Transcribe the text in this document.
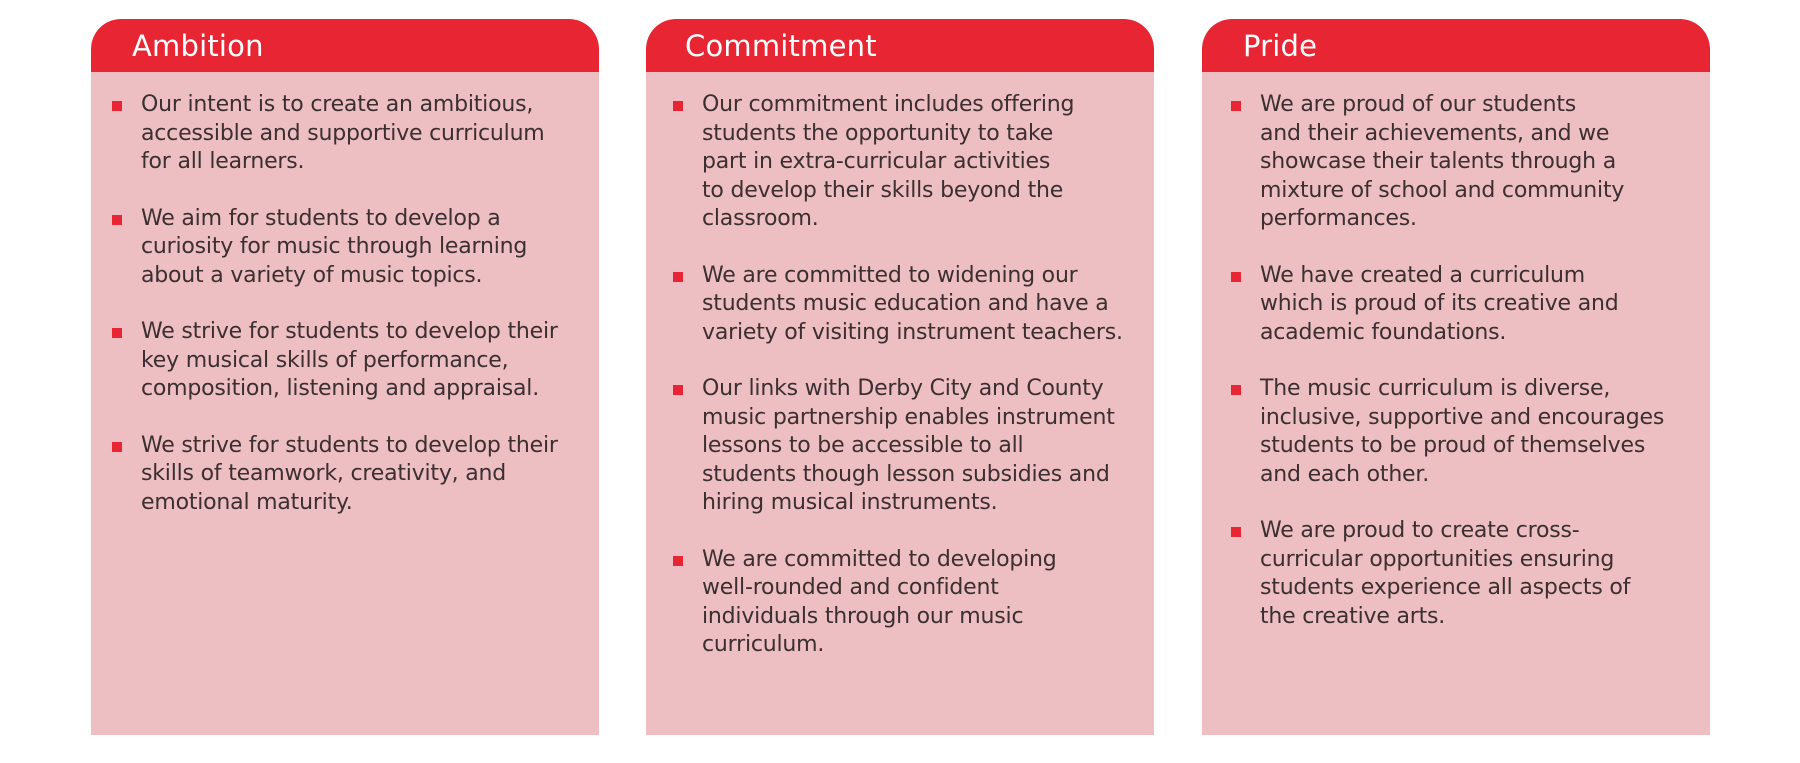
Ambition
Our intent is to create an ambitious,
accessible and supportive curriculum
for all learners.
We aim for students to develop a
curiosity for music through learning
about a variety of music topics.
We strive for students to develop their
key musical skills of performance,
composition, listening and appraisal.
We strive for students to develop their
skills of teamwork, creativity, and
emotional maturity.
Commitment
Our commitment includes offering
students the opportunity to take
part in extra-curricular activities
to develop their skills beyond the
classroom.
We are committed to widening our
students music education and have a
variety of visiting instrument teachers.
Our links with Derby City and County
music partnership enables instrument
lessons to be accessible to all
students though lesson subsidies and
hiring musical instruments.
We are committed to developing
well-rounded and confident
individuals through our music
curriculum.
Pride
We are proud of our students
and their achievements, and we
showcase their talents through a
mixture of school and community
performances.
We have created a curriculum
which is proud of its creative and
academic foundations.
The music curriculum is diverse,
inclusive, supportive and encourages
students to be proud of themselves
and each other.
We are proud to create cross-
curricular opportunities ensuring
students experience all aspects of
the creative arts.
